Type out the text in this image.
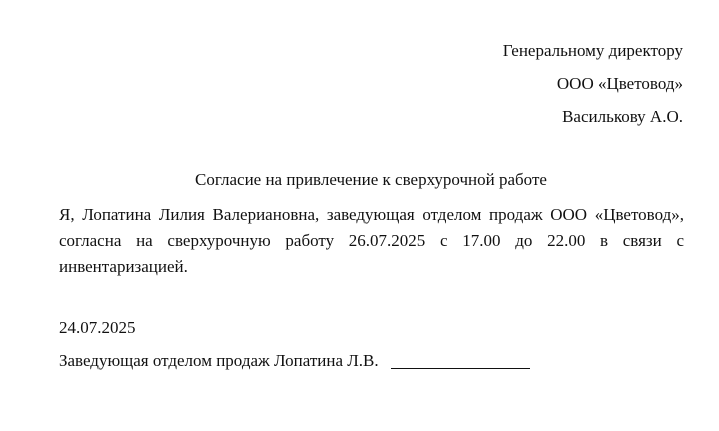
Генеральному директору
ООО «Цветовод»
Василькову А.О.
Согласие на привлечение к сверхурочной работе
Я, Лопатина Лилия Валериановна, заведующая отделом продаж ООО «Цветовод», согласна на сверхурочную работу 26.07.2025 с 17.00 до 22.00 в связи с инвентаризацией.
24.07.2025
Заведующая отделом продаж Лопатина Л.В.
